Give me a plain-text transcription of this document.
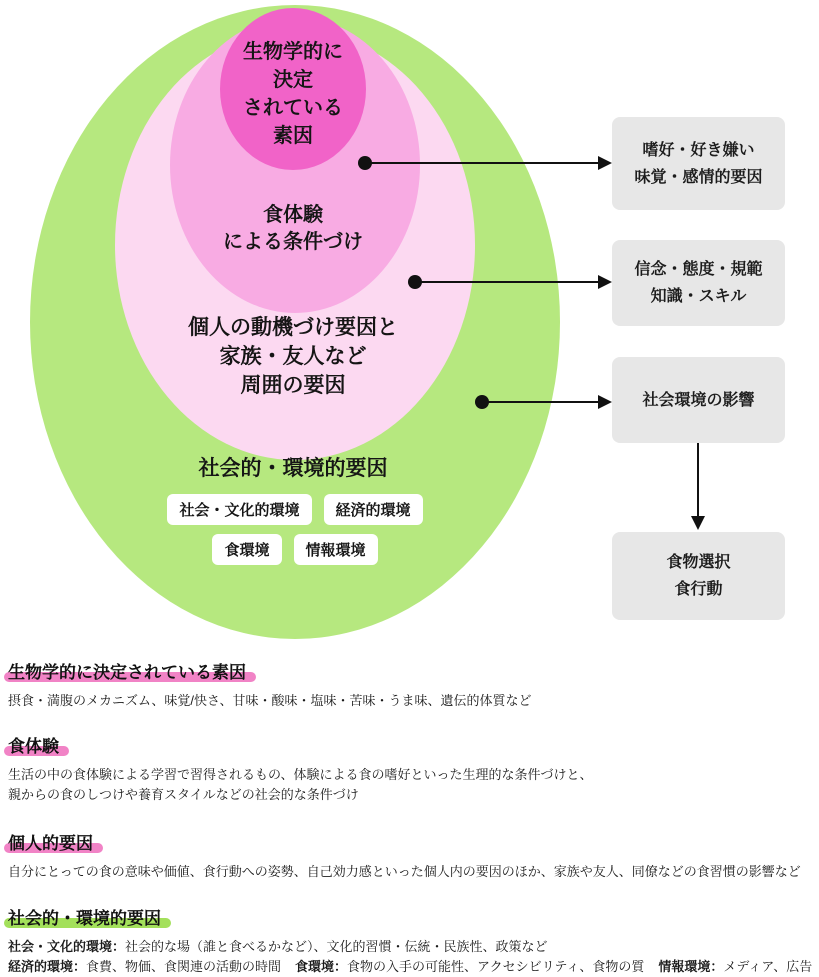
生物学的に
決定
されている
素因
食体験
による条件づけ
個人の動機づけ要因と
家族・友人など
周囲の要因
社会的・環境的要因
社会・文化的環境	経済的環境
食環境	情報環境
嗜好・好き嫌い
味覚・感情的要因
信念・態度・規範
知識・スキル
社会環境の影響
食物選択
食行動
生物学的に決定されている素因
摂食・満腹のメカニズム、味覚/快さ、甘味・酸味・塩味・苦味・うま味、遺伝的体質など
食体験
生活の中の食体験による学習で習得されるもの、体験による食の嗜好といった生理的な条件づけと、
親からの食のしつけや養育スタイルなどの社会的な条件づけ
個人的要因
自分にとっての食の意味や価値、食行動への姿勢、自己効力感といった個人内の要因のほか、家族や友人、同僚などの食習慣の影響など
社会的・環境的要因
社会・文化的環境：社会的な場（誰と食べるかなど）、文化的習慣・伝統・民族性、政策など
経済的環境：食費、物価、食関連の活動の時間 食環境：食物の入手の可能性、アクセシビリティ、食物の質 情報環境：メディア、広告
